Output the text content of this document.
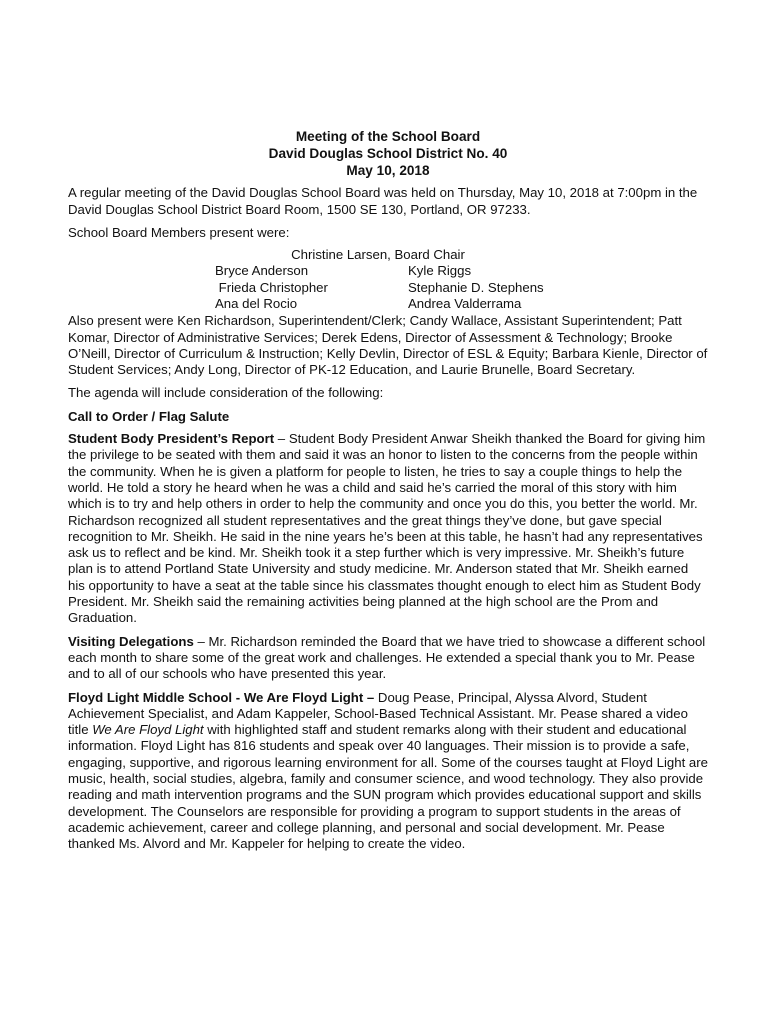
Meeting of the School Board
David Douglas School District No. 40
May 10, 2018

A regular meeting of the David Douglas School Board was held on Thursday, May 10, 2018 at 7:00pm in the David Douglas School District Board Room, 1500 SE 130, Portland, OR 97233.

School Board Members present were:

Christine Larsen, Board Chair
Bryce Anderson
Frieda Christopher
Ana del Rocio
Kyle Riggs
Stephanie D. Stephens
Andrea Valderrama

Also present were Ken Richardson, Superintendent/Clerk; Candy Wallace, Assistant Superintendent; Patt Komar, Director of Administrative Services; Derek Edens, Director of Assessment & Technology; Brooke O’Neill, Director of Curriculum & Instruction; Kelly Devlin, Director of ESL & Equity; Barbara Kienle, Director of Student Services; Andy Long, Director of PK-12 Education, and Laurie Brunelle, Board Secretary.

The agenda will include consideration of the following:

Call to Order / Flag Salute

Student Body President’s Report – Student Body President Anwar Sheikh thanked the Board for giving him the privilege to be seated with them and said it was an honor to listen to the concerns from the people within the community. When he is given a platform for people to listen, he tries to say a couple things to help the world. He told a story he heard when he was a child and said he’s carried the moral of this story with him which is to try and help others in order to help the community and once you do this, you better the world. Mr. Richardson recognized all student representatives and the great things they’ve done, but gave special recognition to Mr. Sheikh. He said in the nine years he’s been at this table, he hasn’t had any representatives ask us to reflect and be kind. Mr. Sheikh took it a step further which is very impressive. Mr. Sheikh’s future plan is to attend Portland State University and study medicine. Mr. Anderson stated that Mr. Sheikh earned his opportunity to have a seat at the table since his classmates thought enough to elect him as Student Body President. Mr. Sheikh said the remaining activities being planned at the high school are the Prom and Graduation.

Visiting Delegations – Mr. Richardson reminded the Board that we have tried to showcase a different school each month to share some of the great work and challenges. He extended a special thank you to Mr. Pease and to all of our schools who have presented this year.

Floyd Light Middle School - We Are Floyd Light – Doug Pease, Principal, Alyssa Alvord, Student Achievement Specialist, and Adam Kappeler, School-Based Technical Assistant. Mr. Pease shared a video title We Are Floyd Light with highlighted staff and student remarks along with their student and educational information. Floyd Light has 816 students and speak over 40 languages. Their mission is to provide a safe, engaging, supportive, and rigorous learning environment for all. Some of the courses taught at Floyd Light are music, health, social studies, algebra, family and consumer science, and wood technology. They also provide reading and math intervention programs and the SUN program which provides educational support and skills development. The Counselors are responsible for providing a program to support students in the areas of academic achievement, career and college planning, and personal and social development. Mr. Pease thanked Ms. Alvord and Mr. Kappeler for helping to create the video.
